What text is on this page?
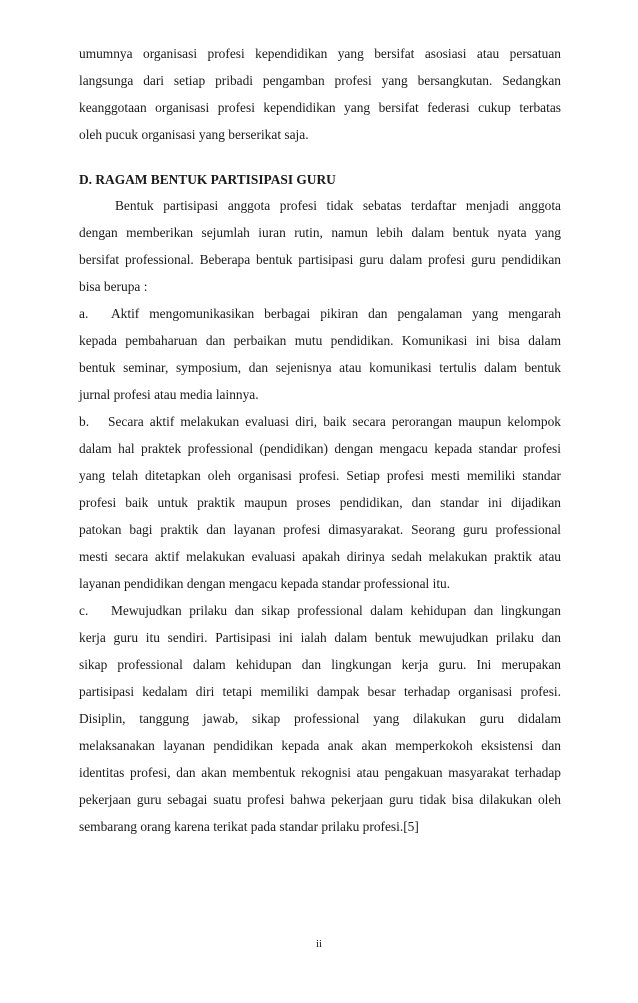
umumnya organisasi profesi kependidikan yang bersifat asosiasi atau persatuan
langsunga dari setiap pribadi pengamban profesi yang bersangkutan. Sedangkan
keanggotaan organisasi profesi kependidikan yang bersifat federasi cukup terbatas
oleh pucuk organisasi yang berserikat saja.
D. RAGAM BENTUK PARTISIPASI GURU
Bentuk partisipasi anggota profesi tidak sebatas terdaftar menjadi anggota
dengan memberikan sejumlah iuran rutin, namun lebih dalam bentuk nyata yang
bersifat professional. Beberapa bentuk partisipasi guru dalam profesi guru pendidikan
bisa berupa :
a. Aktif mengomunikasikan berbagai pikiran dan pengalaman yang mengarah
kepada pembaharuan dan perbaikan mutu pendidikan. Komunikasi ini bisa dalam
bentuk seminar, symposium, dan sejenisnya atau komunikasi tertulis dalam bentuk
jurnal profesi atau media lainnya.
b. Secara aktif melakukan evaluasi diri, baik secara perorangan maupun kelompok
dalam hal praktek professional (pendidikan) dengan mengacu kepada standar profesi
yang telah ditetapkan oleh organisasi profesi. Setiap profesi mesti memiliki standar
profesi baik untuk praktik maupun proses pendidikan, dan standar ini dijadikan
patokan bagi praktik dan layanan profesi dimasyarakat. Seorang guru professional
mesti secara aktif melakukan evaluasi apakah dirinya sedah melakukan praktik atau
layanan pendidikan dengan mengacu kepada standar professional itu.
c. Mewujudkan prilaku dan sikap professional dalam kehidupan dan lingkungan
kerja guru itu sendiri. Partisipasi ini ialah dalam bentuk mewujudkan prilaku dan
sikap professional dalam kehidupan dan lingkungan kerja guru. Ini merupakan
partisipasi kedalam diri tetapi memiliki dampak besar terhadap organisasi profesi.
Disiplin, tanggung jawab, sikap professional yang dilakukan guru didalam
melaksanakan layanan pendidikan kepada anak akan memperkokoh eksistensi dan
identitas profesi, dan akan membentuk rekognisi atau pengakuan masyarakat terhadap
pekerjaan guru sebagai suatu profesi bahwa pekerjaan guru tidak bisa dilakukan oleh
sembarang orang karena terikat pada standar prilaku profesi.[5]
ii
